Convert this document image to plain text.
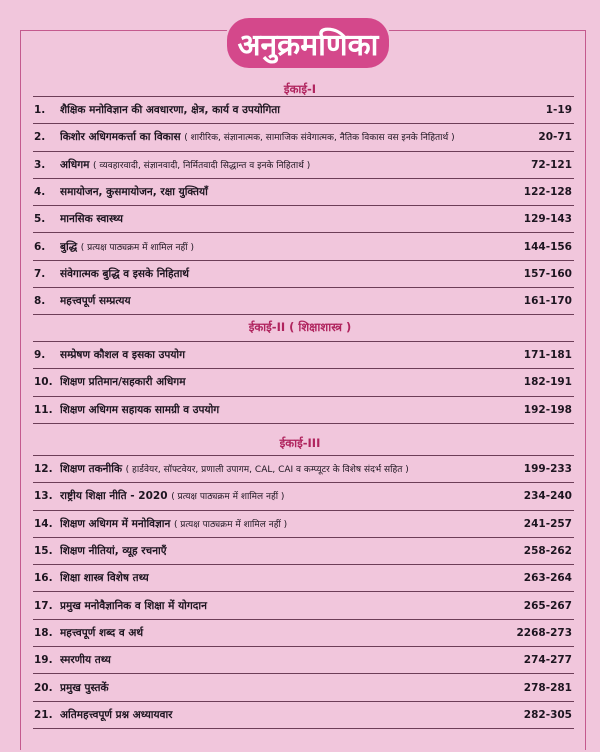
अनुक्रमणिका
ईकाई-I
1.	शैक्षिक मनोविज्ञान की अवधारणा, क्षेत्र, कार्य व उपयोगिता	1-19
2.	किशोर अधिगमकर्त्ता का विकास ( शारीरिक, संज्ञानात्मक, सामाजिक संवेगात्मक, नैतिक विकास वस इनके निहितार्थ )	20-71
3.	अधिगम ( व्यवहारवादी, संज्ञानवादी, निर्मितवादी सिद्धान्त व इनके निहितार्थ )	72-121
4.	समायोजन, कुसमायोजन, रक्षा युक्तियाँ	122-128
5.	मानसिक स्वास्थ्य	129-143
6.	बुद्धि ( प्रत्यक्ष पाठ्यक्रम में शामिल नहीं )	144-156
7.	संवेगात्मक बुद्धि व इसके निहितार्थ	157-160
8.	महत्त्वपूर्ण सम्प्रत्यय	161-170
ईकाई-II ( शिक्षाशास्त्र )
9.	सम्प्रेषण कौशल व इसका उपयोग	171-181
10. शिक्षण प्रतिमान/सहकारी अधिगम	182-191
11. शिक्षण अधिगम सहायक सामग्री व उपयोग	192-198
ईकाई-III
12. शिक्षण तकनीकि ( हार्डवेयर, सॉफ्टवेयर, प्रणाली उपागम, CAL, CAI व कम्प्यूटर के विशेष संदर्भ सहित )	199-233
13. राष्ट्रीय शिक्षा नीति - 2020 ( प्रत्यक्ष पाठ्यक्रम में शामिल नहीं )	234-240
14. शिक्षण अधिगम में मनोविज्ञान ( प्रत्यक्ष पाठ्यक्रम में शामिल नहीं )	241-257
15. शिक्षण नीतियां, व्यूह रचनाएँ	258-262
16. शिक्षा शास्त्र विशेष तथ्य	263-264
17. प्रमुख मनोवैज्ञानिक व शिक्षा में योगदान	265-267
18. महत्त्वपूर्ण शब्द व अर्थ	2268-273
19. स्मरणीय तथ्य	274-277
20. प्रमुख पुस्तकें	278-281
21. अतिमहत्त्वपूर्ण प्रश्न अध्यायवार	282-305
